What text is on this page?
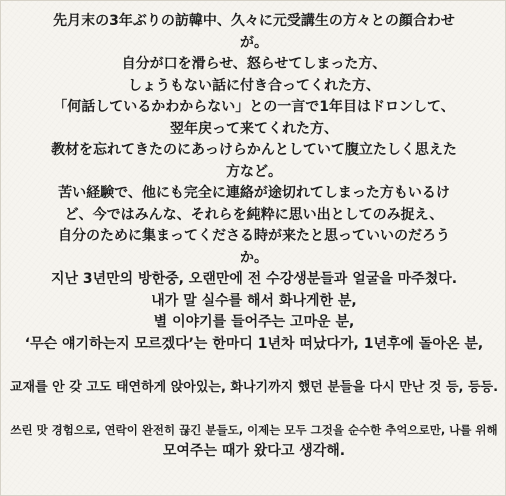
先月末の3年ぶりの訪韓中、久々に元受講生の方々との顔合わせ
が。
自分が口を滑らせ、怒らせてしまった方、
しょうもない話に付き合ってくれた方、
「何話しているかわからない」との一言で1年目はドロンして、
翌年戻って来てくれた方、
教材を忘れてきたのにあっけらかんとしていて腹立たしく思えた
方など。
苦い経験で、他にも完全に連絡が途切れてしまった方もいるけ
ど、今ではみんな、それらを純粋に思い出としてのみ捉え、
自分のために集まってくださる時が来たと思っていいのだろう
か。
지난 3년만의 방한중, 오랜만에 전 수강생분들과 얼굴을 마주쳤다.
내가 말 실수를 해서 화나게한 분,
별 이야기를 들어주는 고마운 분,
‘무슨 얘기하는지 모르겠다’는 한마디 1년차 떠났다가, 1년후에 돌아온 분,
교재를 안 갖 고도 태연하게 앉아있는, 화나기까지 했던 분들을 다시 만난 것 등, 등등.
쓰린 맛 경험으로, 연락이 완전히 끊긴 분들도, 이제는 모두 그것을 순수한 추억으로만, 나를 위해
모여주는 때가 왔다고 생각해.
